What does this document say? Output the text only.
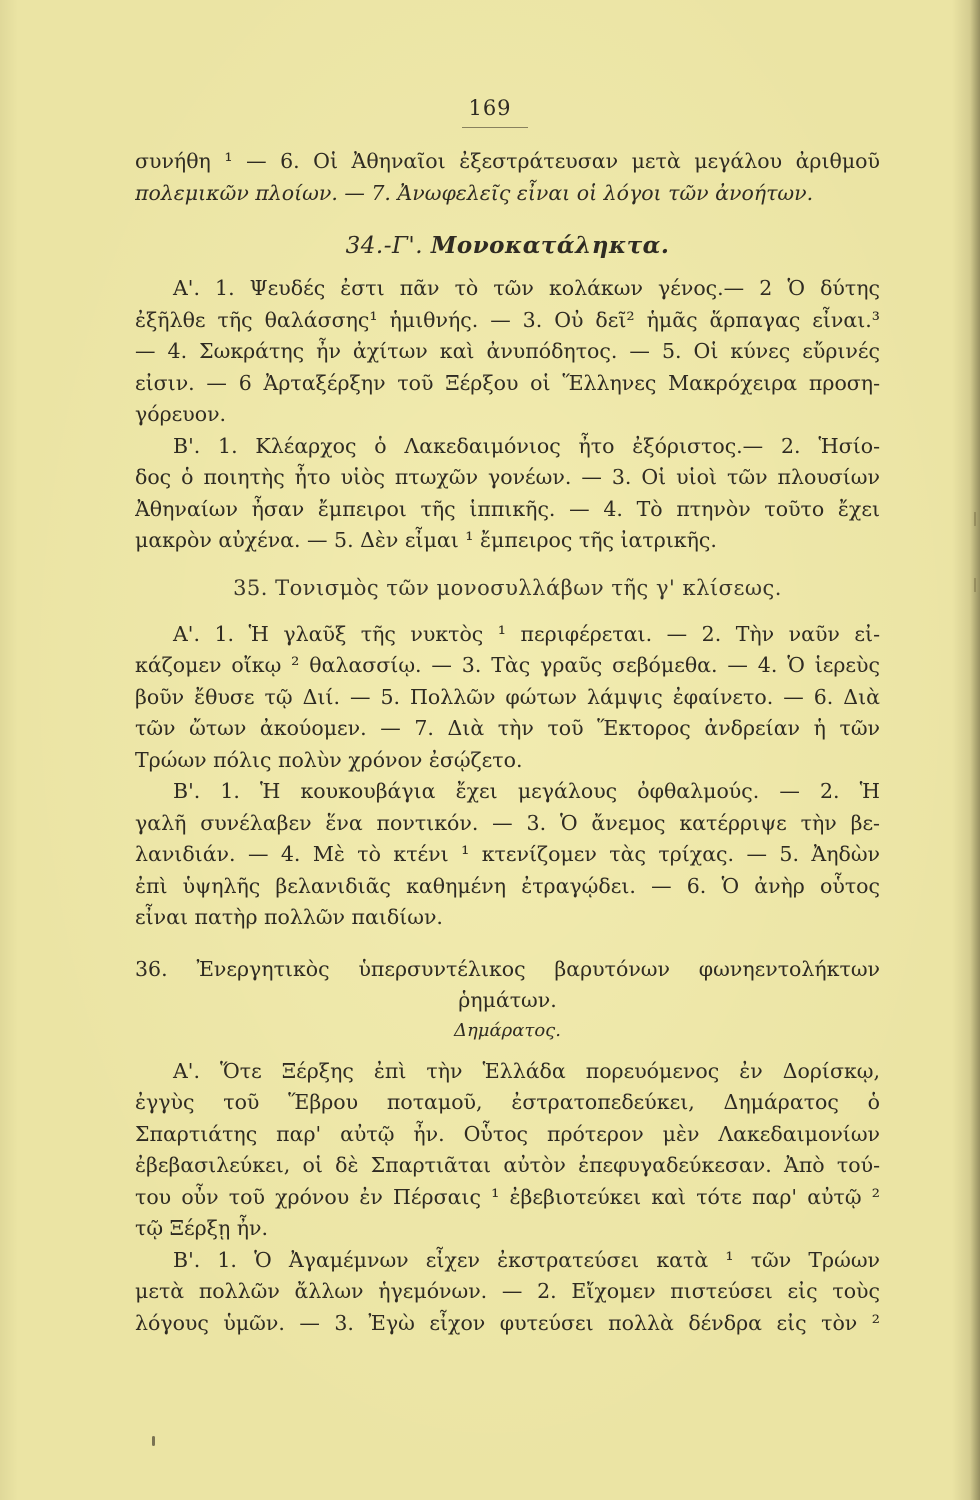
169
συνήθη ¹ — 6. Οἱ Ἀθηναῖοι ἐξεστράτευσαν μετὰ μεγάλου ἀριθμοῦ
πολεμικῶν πλοίων. — 7. Ἀνωφελεῖς εἶναι οἱ λόγοι τῶν ἀνοήτων.
34.-Γ'. Μονοκατάληκτα.
Α'. 1. Ψευδές ἐστι πᾶν τὸ τῶν κολάκων γένος.— 2 Ὁ δύτης
ἐξῆλθε τῆς θαλάσσης¹ ἡμιθνής. — 3. Οὐ δεῖ² ἡμᾶς ἅρπαγας εἶναι.³
— 4. Σωκράτης ἦν ἀχίτων καὶ ἀνυπόδητος. — 5. Οἱ κύνες εὔρινές
εἰσιν. — 6 Ἀρταξέρξην τοῦ Ξέρξου οἱ Ἕλληνες Μακρόχειρα προση-
γόρευον.
Β'. 1. Κλέαρχος ὁ Λακεδαιμόνιος ἦτο ἐξόριστος.— 2. Ἡσίο-
δος ὁ ποιητὴς ἦτο υἱὸς πτωχῶν γονέων. — 3. Οἱ υἱοὶ τῶν πλουσίων
Ἀθηναίων ἦσαν ἔμπειροι τῆς ἱππικῆς. — 4. Τὸ πτηνὸν τοῦτο ἔχει
μακρὸν αὐχένα. — 5. Δὲν εἶμαι ¹ ἔμπειρος τῆς ἰατρικῆς.
35. Τονισμὸς τῶν μονοσυλλάβων τῆς γ' κλίσεως.
Α'. 1. Ἡ γλαῦξ τῆς νυκτὸς ¹ περιφέρεται. — 2. Τὴν ναῦν εἰ-
κάζομεν οἴκῳ ² θαλασσίῳ. — 3. Τὰς γραῦς σεβόμεθα. — 4. Ὁ ἱερεὺς
βοῦν ἔθυσε τῷ Διί. — 5. Πολλῶν φώτων λάμψις ἐφαίνετο. — 6. Διὰ
τῶν ὤτων ἀκούομεν. — 7. Διὰ τὴν τοῦ Ἕκτορος ἀνδρείαν ἡ τῶν
Τρώων πόλις πολὺν χρόνον ἐσῴζετο.
Β'. 1. Ἡ κουκουβάγια ἔχει μεγάλους ὀφθαλμούς. — 2. Ἡ
γαλῆ συνέλαβεν ἕνα ποντικόν. — 3. Ὁ ἄνεμος κατέρριψε τὴν βε-
λανιδιάν. — 4. Μὲ τὸ κτένι ¹ κτενίζομεν τὰς τρίχας. — 5. Ἀηδὼν
ἐπὶ ὑψηλῆς βελανιδιᾶς καθημένη ἐτραγῴδει. — 6. Ὁ ἀνὴρ οὗτος
εἶναι πατὴρ πολλῶν παιδίων.
36. Ἐνεργητικὸς ὑπερσυντέλικος βαρυτόνων φωνηεντολήκτων
ῥημάτων.
Δημάρατος.
Α'. Ὅτε Ξέρξης ἐπὶ τὴν Ἑλλάδα πορευόμενος ἐν Δορίσκῳ,
ἐγγὺς τοῦ Ἕβρου ποταμοῦ, ἐστρατοπεδεύκει, Δημάρατος ὁ
Σπαρτιάτης παρ' αὐτῷ ἦν. Οὗτος πρότερον μὲν Λακεδαιμονίων
ἐβεβασιλεύκει, οἱ δὲ Σπαρτιᾶται αὐτὸν ἐπεφυγαδεύκεσαν. Ἀπὸ τού-
του οὖν τοῦ χρόνου ἐν Πέρσαις ¹ ἐβεβιοτεύκει καὶ τότε παρ' αὐτῷ ²
τῷ Ξέρξῃ ἦν.
Β'. 1. Ὁ Ἀγαμέμνων εἶχεν ἐκστρατεύσει κατὰ ¹ τῶν Τρώων
μετὰ πολλῶν ἄλλων ἡγεμόνων. — 2. Εἴχομεν πιστεύσει εἰς τοὺς
λόγους ὑμῶν. — 3. Ἐγὼ εἶχον φυτεύσει πολλὰ δένδρα εἰς τὸν ²
